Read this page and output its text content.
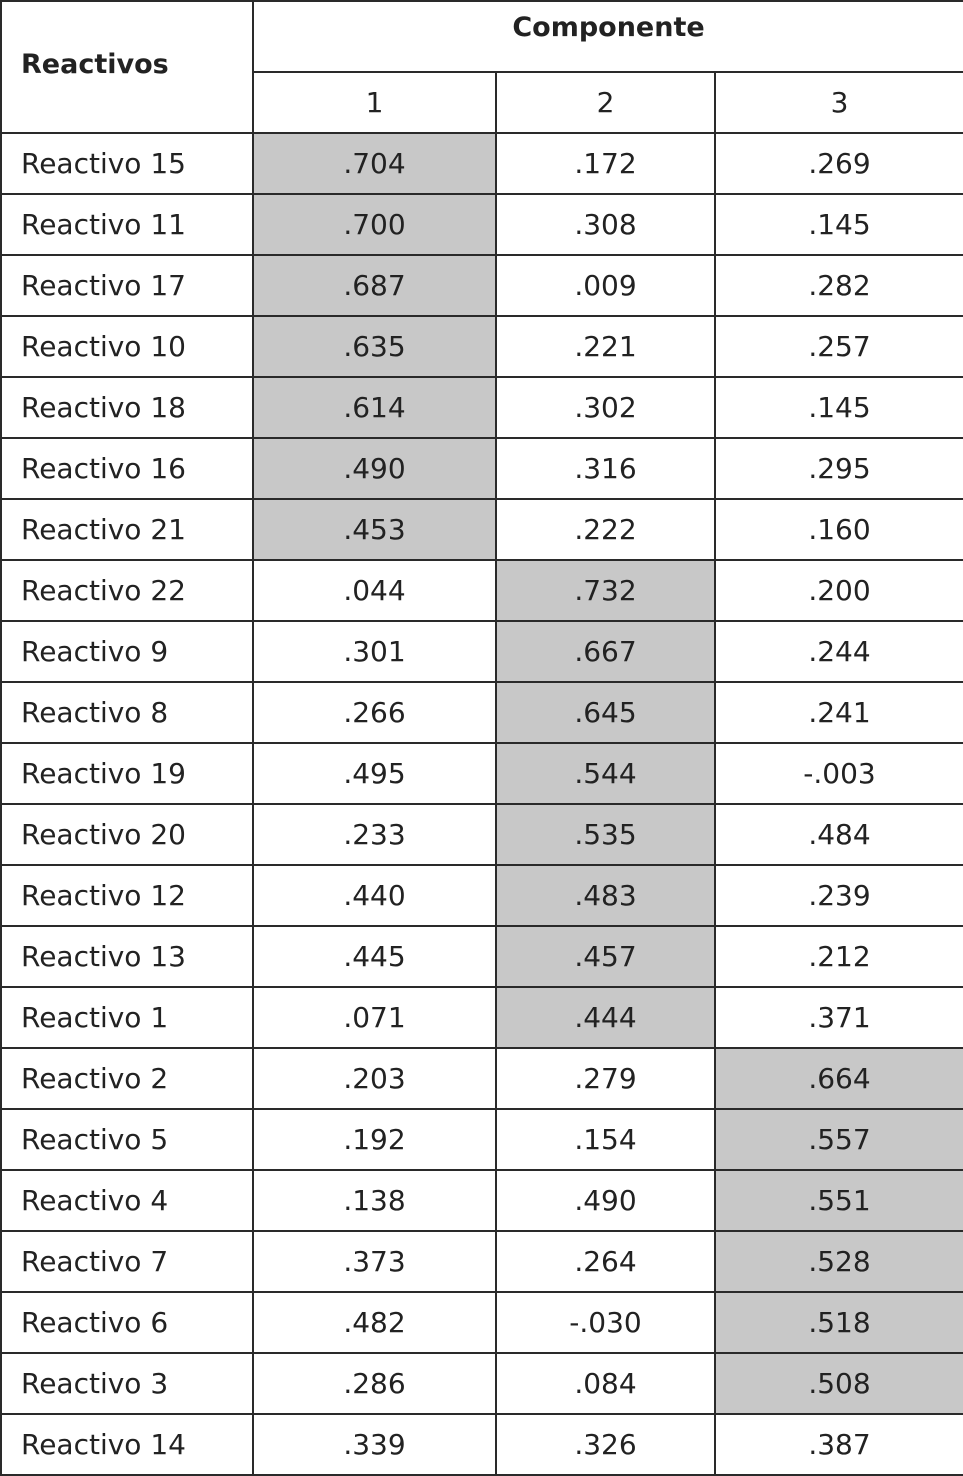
Reactivos	Componente		
	1	2	3
Reactivo 15	.704	.172	.269
Reactivo 11	.700	.308	.145
Reactivo 17	.687	.009	.282
Reactivo 10	.635	.221	.257
Reactivo 18	.614	.302	.145
Reactivo 16	.490	.316	.295
Reactivo 21	.453	.222	.160
Reactivo 22	.044	.732	.200
Reactivo 9	.301	.667	.244
Reactivo 8	.266	.645	.241
Reactivo 19	.495	.544	-.003
Reactivo 20	.233	.535	.484
Reactivo 12	.440	.483	.239
Reactivo 13	.445	.457	.212
Reactivo 1	.071	.444	.371
Reactivo 2	.203	.279	.664
Reactivo 5	.192	.154	.557
Reactivo 4	.138	.490	.551
Reactivo 7	.373	.264	.528
Reactivo 6	.482	-.030	.518
Reactivo 3	.286	.084	.508
Reactivo 14	.339	.326	.387
